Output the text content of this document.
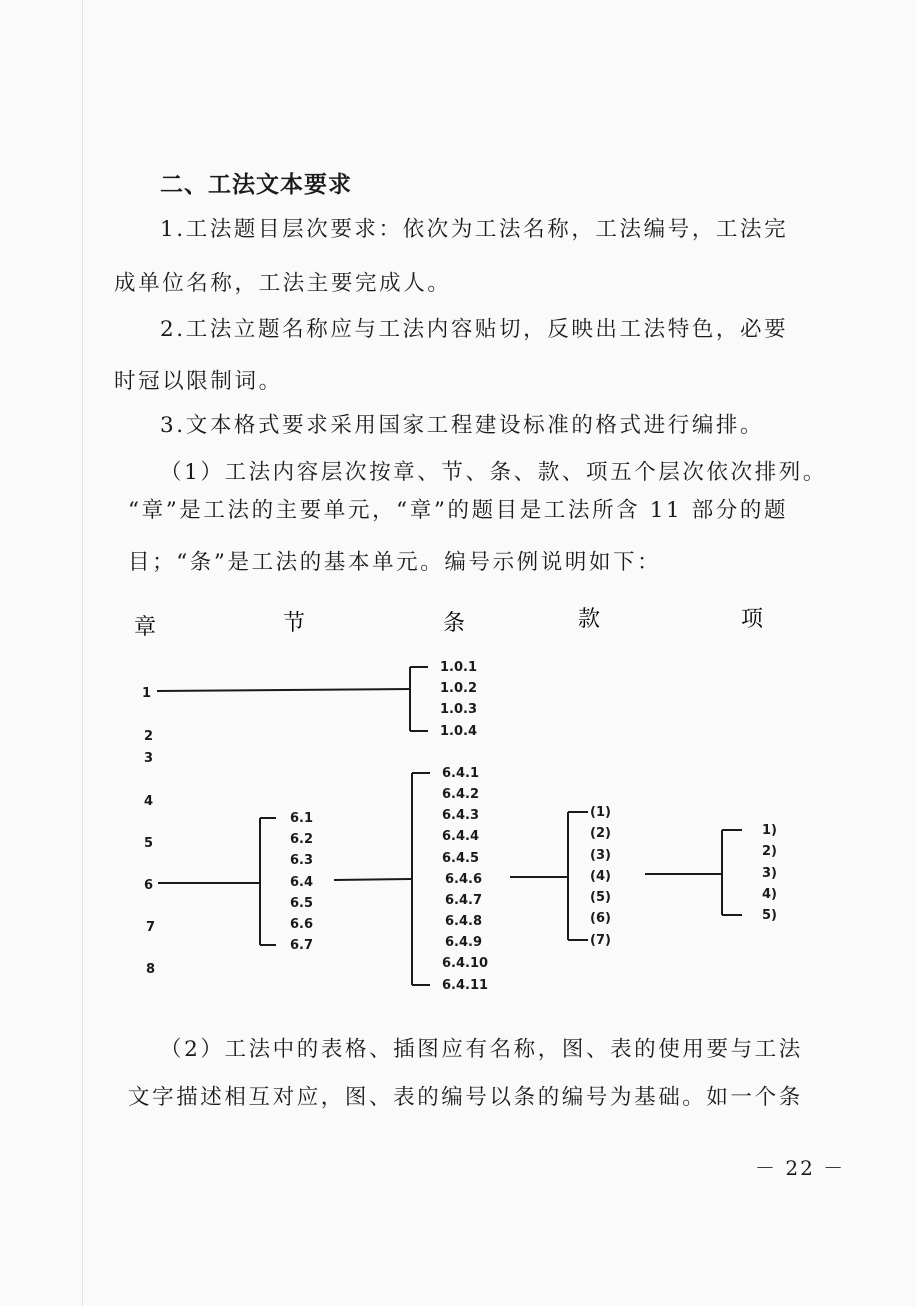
二、工法文本要求
1.工法题目层次要求：依次为工法名称，工法编号，工法完
成单位名称，工法主要完成人。
2.工法立题名称应与工法内容贴切，反映出工法特色，必要
时冠以限制词。
3.文本格式要求采用国家工程建设标准的格式进行编排。
（1）工法内容层次按章、节、条、款、项五个层次依次排列。
“章”是工法的主要单元，“章”的题目是工法所含 11 部分的题
目；“条”是工法的基本单元。编号示例说明如下：
章	节	条	款	项
1
2
3
4
5
6
7
8
1.0.1
1.0.2
1.0.3
1.0.4
6.1
6.2
6.3
6.4
6.5
6.6
6.7
6.4.1
6.4.2
6.4.3
6.4.4
6.4.5
6.4.6
6.4.7
6.4.8
6.4.9
6.4.10
6.4.11
(1)
(2)
(3)
(4)
(5)
(6)
(7)
1)
2)
3)
4)
5)
（2）工法中的表格、插图应有名称，图、表的使用要与工法
文字描述相互对应，图、表的编号以条的编号为基础。如一个条
－ 22 －
